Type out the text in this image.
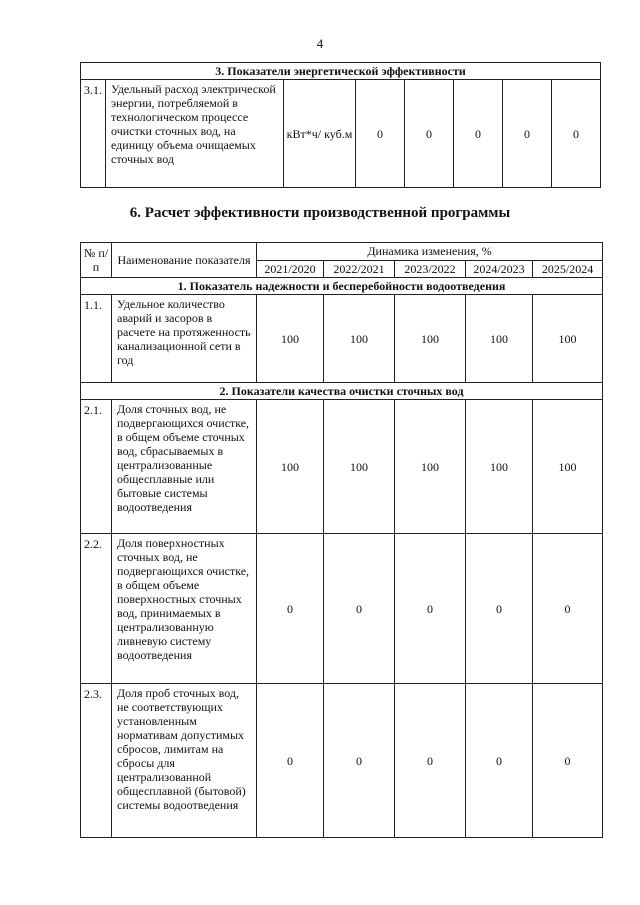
4
3. Показатели энергетической эффективности
3.1.	Удельный расход электрической энергии, потребляемой в технологическом процессе очистки сточных вод, на единицу объема очищаемых сточных вод	кВт*ч/ куб.м	0	0	0	0	0
6. Расчет эффективности производственной программы
№ п/п	Наименование показателя	Динамика изменения, %				
		2021/2020	2022/2021	2023/2022	2024/2023	2025/2024
1. Показатель надежности и бесперебойности водоотведения						
1.1.	Удельное количество аварий и засоров в расчете на протяженность канализационной сети в год	100	100	100	100	100
2. Показатели качества очистки сточных вод						
2.1.	Доля сточных вод, не подвергающихся очистке, в общем объеме сточных вод, сбрасываемых в централизованные общесплавные или бытовые системы водоотведения	100	100	100	100	100
2.2.	Доля поверхностных сточных вод, не подвергающихся очистке, в общем объеме поверхностных сточных вод, принимаемых в централизованную ливневую систему водоотведения	0	0	0	0	0
2.3.	Доля проб сточных вод, не соответствующих установленным нормативам допустимых сбросов, лимитам на сбросы для централизованной общесплавной (бытовой) системы водоотведения	0	0	0	0	0
